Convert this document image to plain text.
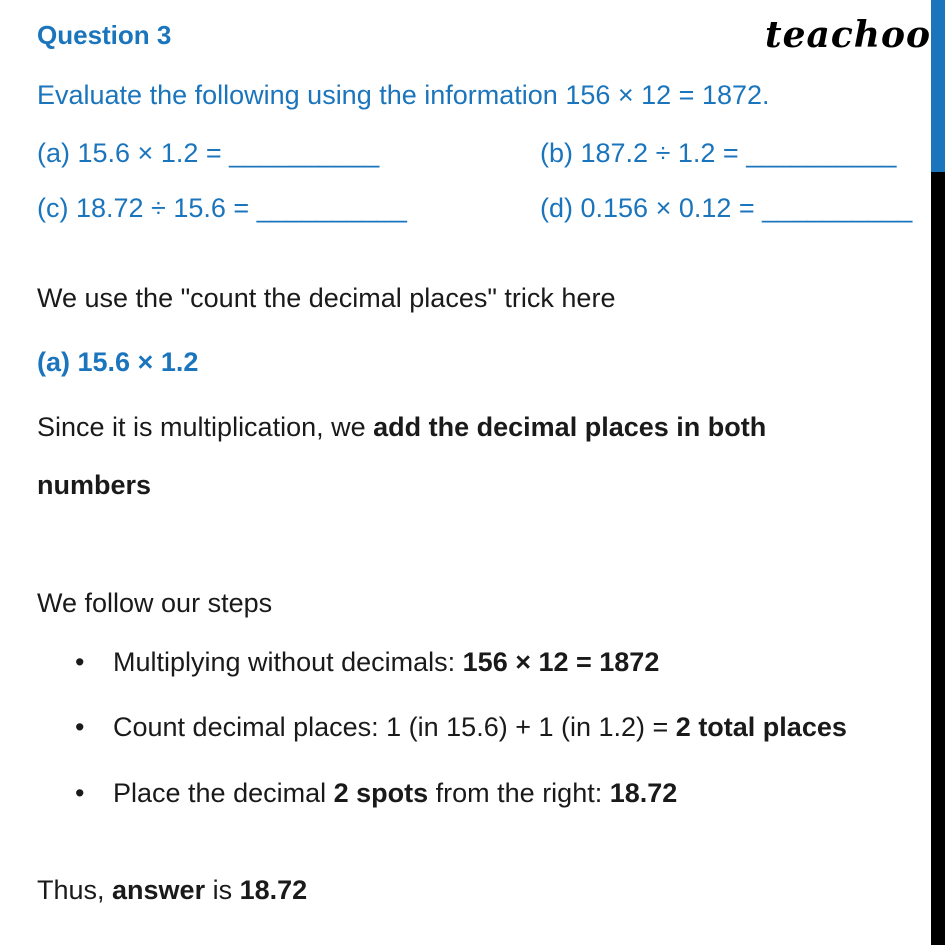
Question 3	teachoo
Evaluate the following using the information 156 × 12 = 1872.
(a) 15.6 × 1.2 = __________	(b) 187.2 ÷ 1.2 = __________
(c) 18.72 ÷ 15.6 = __________	(d) 0.156 × 0.12 = __________
We use the "count the decimal places" trick here
(a) 15.6 × 1.2
Since it is multiplication, we add the decimal places in both
numbers
We follow our steps
• Multiplying without decimals: 156 × 12 = 1872
• Count decimal places: 1 (in 15.6) + 1 (in 1.2) = 2 total places
• Place the decimal 2 spots from the right: 18.72
Thus, answer is 18.72
